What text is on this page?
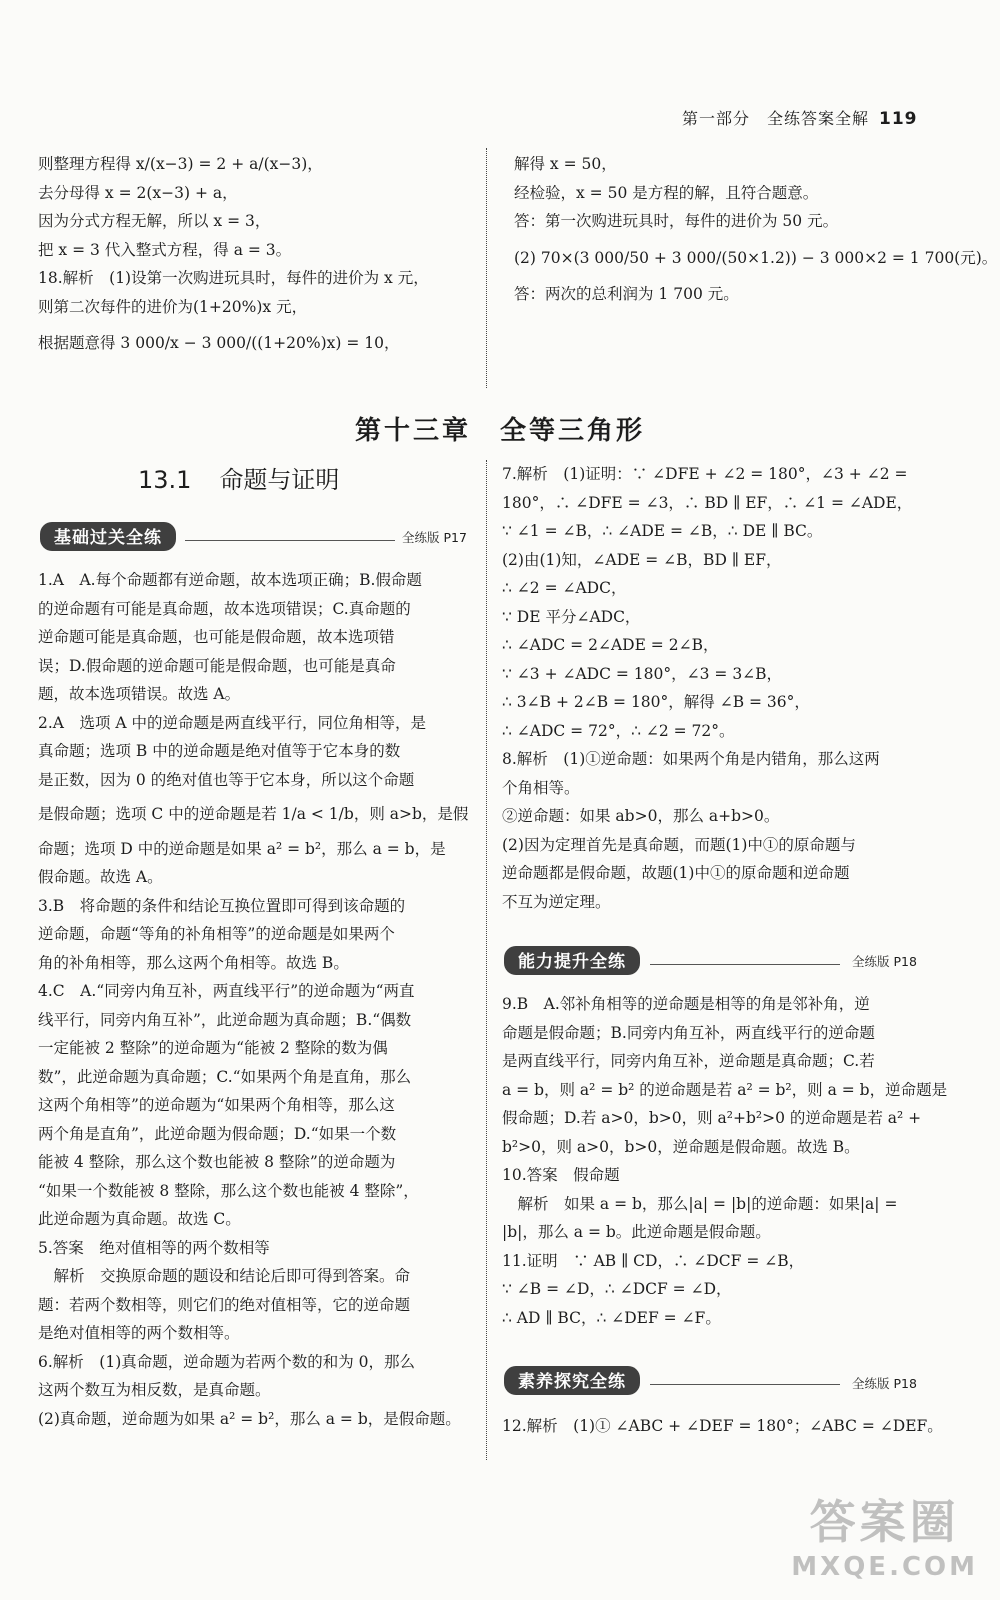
第一部分　全练答案全解 119

则整理方程得 x/(x−3) = 2 + a/(x−3)，

去分母得 x = 2(x−3) + a，

因为分式方程无解，所以 x = 3，

把 x = 3 代入整式方程，得 a = 3。

18.解析　(1)设第一次购进玩具时，每件的进价为 x 元，

则第二次每件的进价为(1+20%)x 元，

根据题意得 3 000/x − 3 000/((1+20%)x) = 10，

解得 x = 50，

经检验，x = 50 是方程的解，且符合题意。

答：第一次购进玩具时，每件的进价为 50 元。

(2) 70×(3 000/50 + 3 000/(50×1.2)) − 3 000×2 = 1 700(元)。

答：两次的总利润为 1 700 元。

第十三章　全等三角形
13.1 命题与证明
基础过关全练	全练版 P17

1.A　A.每个命题都有逆命题，故本选项正确；B.假命题

的逆命题有可能是真命题，故本选项错误；C.真命题的

逆命题可能是真命题，也可能是假命题，故本选项错

误；D.假命题的逆命题可能是假命题，也可能是真命

题，故本选项错误。故选 A。

2.A　选项 A 中的逆命题是两直线平行，同位角相等，是

真命题；选项 B 中的逆命题是绝对值等于它本身的数

是正数，因为 0 的绝对值也等于它本身，所以这个命题

是假命题；选项 C 中的逆命题是若 1/a < 1/b，则 a>b，是假

命题；选项 D 中的逆命题是如果 a² = b²，那么 a = b，是

假命题。故选 A。

3.B　将命题的条件和结论互换位置即可得到该命题的

逆命题，命题“等角的补角相等”的逆命题是如果两个

角的补角相等，那么这两个角相等。故选 B。

4.C　A.“同旁内角互补，两直线平行”的逆命题为“两直

线平行，同旁内角互补”，此逆命题为真命题；B.“偶数

一定能被 2 整除”的逆命题为“能被 2 整除的数为偶

数”，此逆命题为真命题；C.“如果两个角是直角，那么

这两个角相等”的逆命题为“如果两个角相等，那么这

两个角是直角”，此逆命题为假命题；D.“如果一个数

能被 4 整除，那么这个数也能被 8 整除”的逆命题为

“如果一个数能被 8 整除，那么这个数也能被 4 整除”，

此逆命题为真命题。故选 C。

5.答案　绝对值相等的两个数相等

　解析　交换原命题的题设和结论后即可得到答案。命

题：若两个数相等，则它们的绝对值相等，它的逆命题

是绝对值相等的两个数相等。

6.解析　(1)真命题，逆命题为若两个数的和为 0，那么

这两个数互为相反数，是真命题。

(2)真命题，逆命题为如果 a² = b²，那么 a = b，是假命题。

7.解析　(1)证明：∵ ∠DFE + ∠2 = 180°，∠3 + ∠2 =

180°，∴ ∠DFE = ∠3，∴ BD ∥ EF，∴ ∠1 = ∠ADE，

∵ ∠1 = ∠B，∴ ∠ADE = ∠B，∴ DE ∥ BC。

(2)由(1)知，∠ADE = ∠B，BD ∥ EF，

∴ ∠2 = ∠ADC，

∵ DE 平分∠ADC，

∴ ∠ADC = 2∠ADE = 2∠B，

∵ ∠3 + ∠ADC = 180°，∠3 = 3∠B，

∴ 3∠B + 2∠B = 180°，解得 ∠B = 36°，

∴ ∠ADC = 72°，∴ ∠2 = 72°。

8.解析　(1)①逆命题：如果两个角是内错角，那么这两

个角相等。

②逆命题：如果 ab>0，那么 a+b>0。

(2)因为定理首先是真命题，而题(1)中①的原命题与

逆命题都是假命题，故题(1)中①的原命题和逆命题

不互为逆定理。

能力提升全练	全练版 P18

9.B　A.邻补角相等的逆命题是相等的角是邻补角，逆

命题是假命题；B.同旁内角互补，两直线平行的逆命题

是两直线平行，同旁内角互补，逆命题是真命题；C.若

a = b，则 a² = b² 的逆命题是若 a² = b²，则 a = b，逆命题是

假命题；D.若 a>0，b>0，则 a²+b²>0 的逆命题是若 a² +

b²>0，则 a>0，b>0，逆命题是假命题。故选 B。

10.答案　假命题

　解析　如果 a = b，那么|a| = |b|的逆命题：如果|a| =

|b|，那么 a = b。此逆命题是假命题。

11.证明　∵ AB ∥ CD，∴ ∠DCF = ∠B，

∵ ∠B = ∠D，∴ ∠DCF = ∠D，

∴ AD ∥ BC，∴ ∠DEF = ∠F。

素养探究全练	全练版 P18

12.解析　(1)① ∠ABC + ∠DEF = 180°；∠ABC = ∠DEF。

答案圈
MXQE.COM
